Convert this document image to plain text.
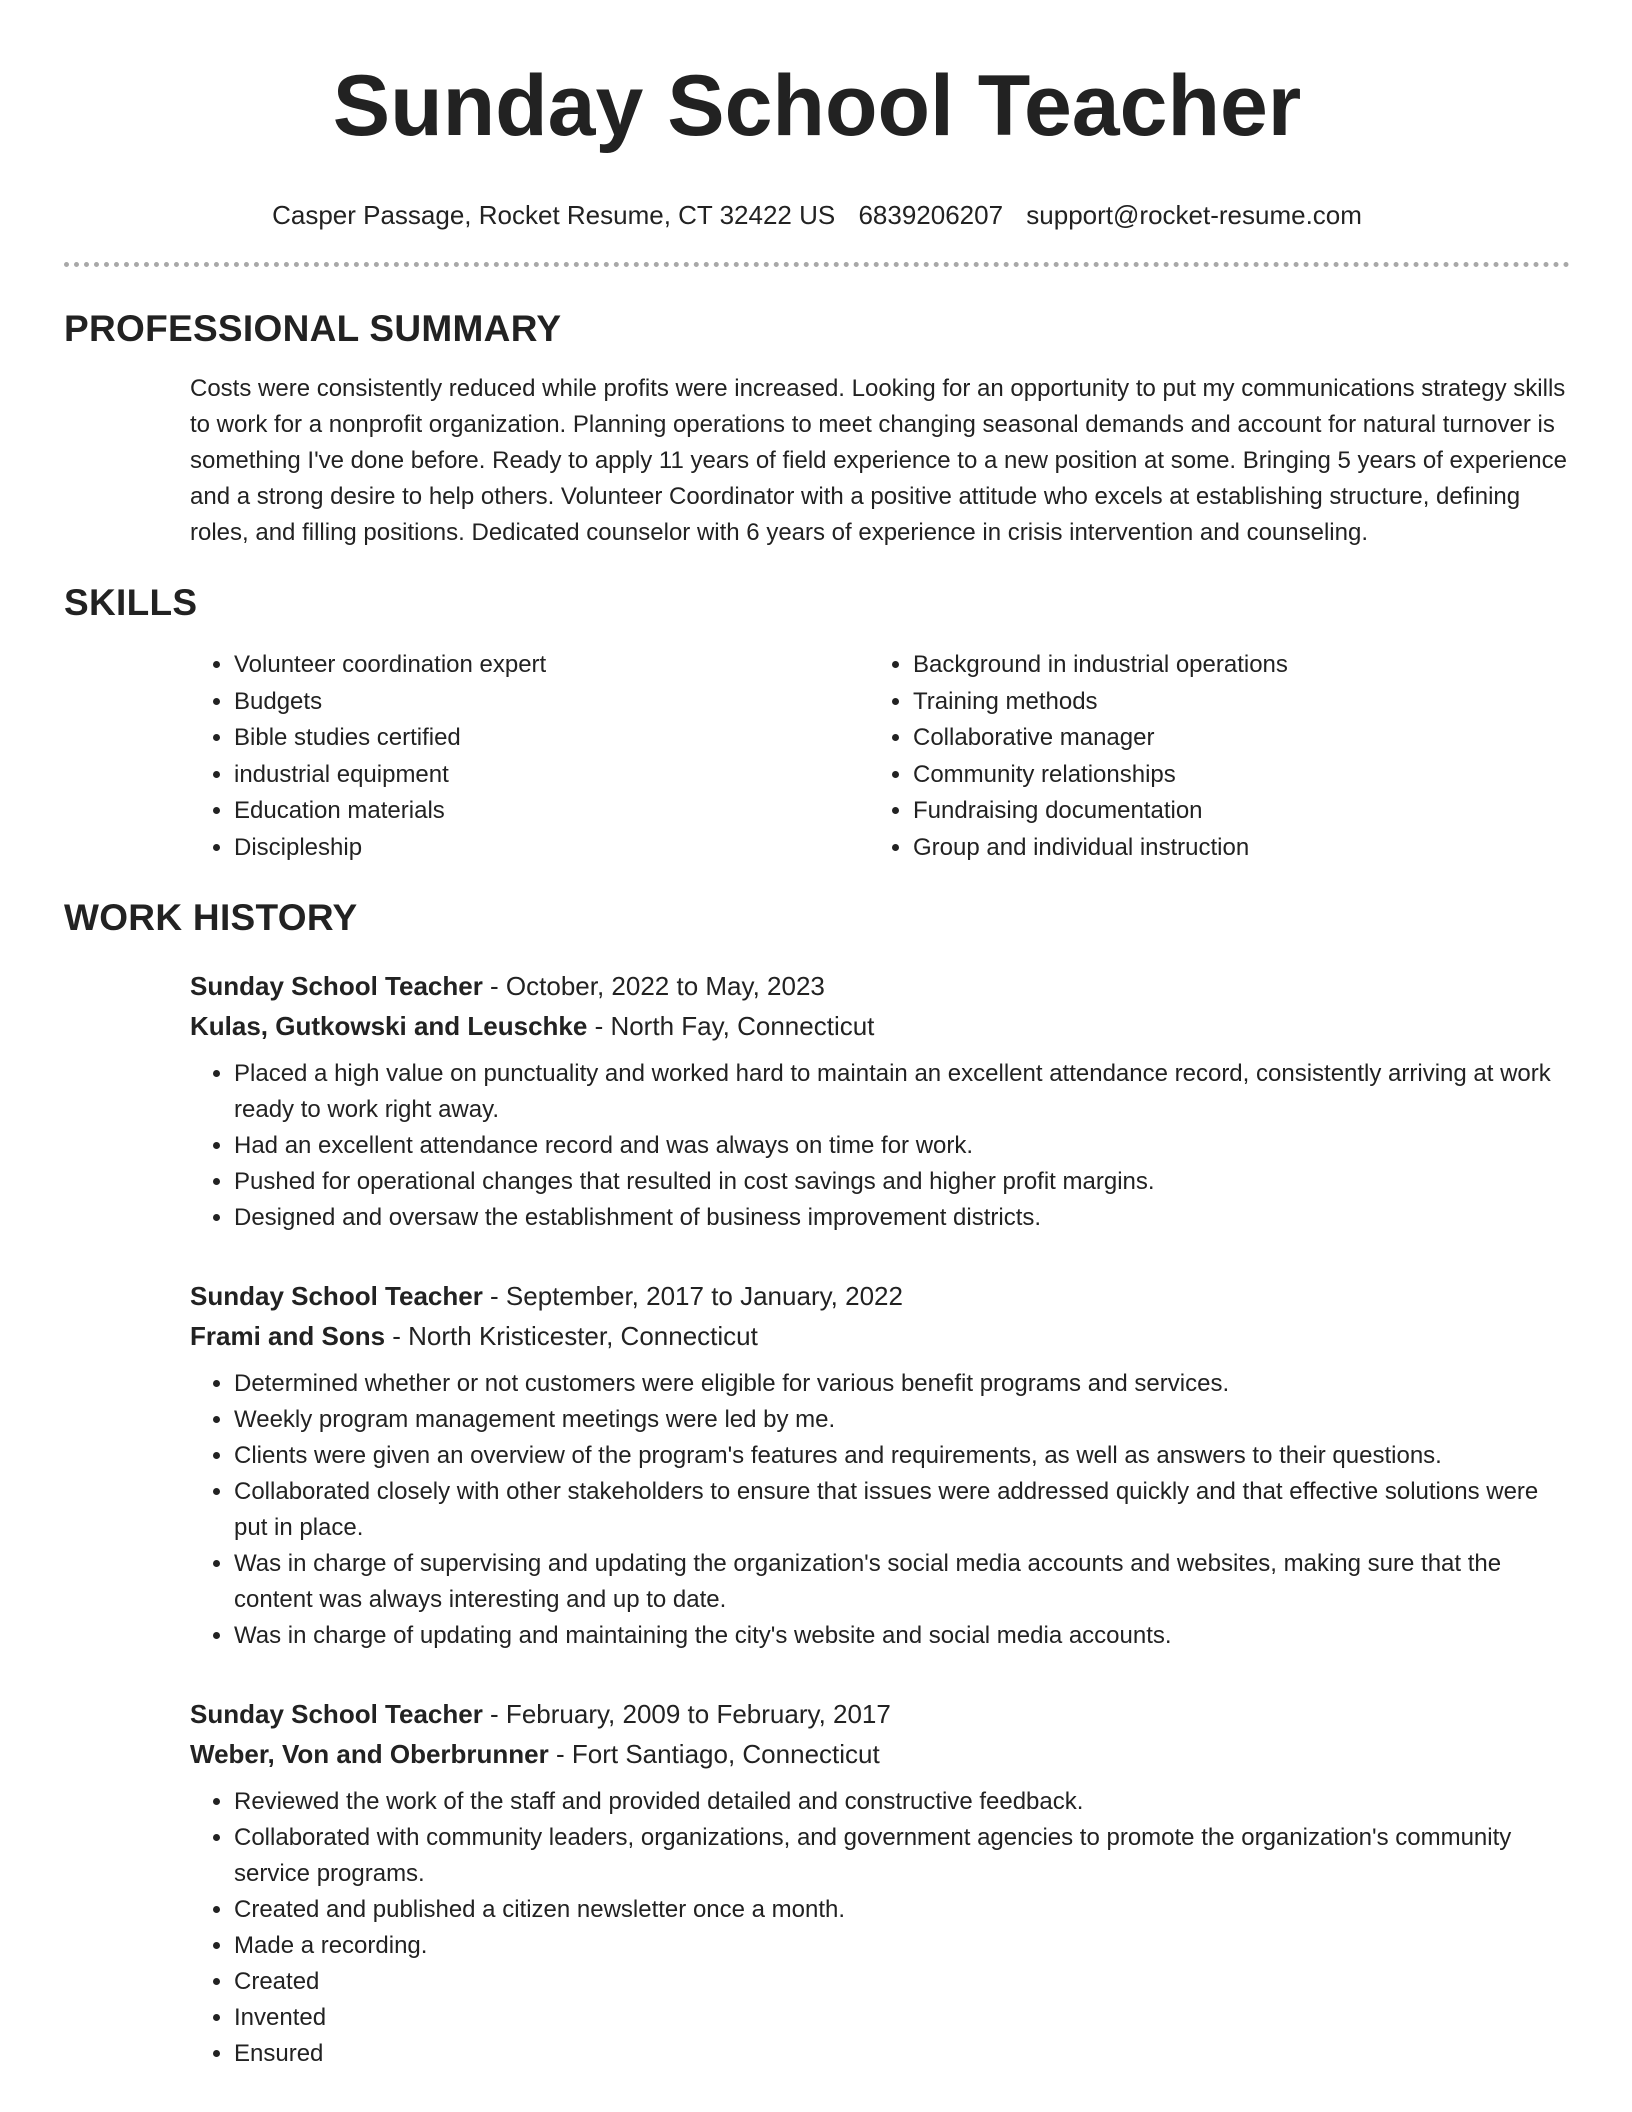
Sunday School Teacher
Casper Passage, Rocket Resume, CT 32422 US 6839206207 support@rocket-resume.com
PROFESSIONAL SUMMARY

Costs were consistently reduced while profits were increased. Looking for an opportunity to put my communications strategy skills to work for a nonprofit organization. Planning operations to meet changing seasonal demands and account for natural turnover is something I've done before. Ready to apply 11 years of field experience to a new position at some. Bringing 5 years of experience and a strong desire to help others. Volunteer Coordinator with a positive attitude who excels at establishing structure, defining roles, and filling positions. Dedicated counselor with 6 years of experience in crisis intervention and counseling.

SKILLS
• Volunteer coordination expert
• Budgets
• Bible studies certified
• industrial equipment
• Education materials
• Discipleship
• Background in industrial operations
• Training methods
• Collaborative manager
• Community relationships
• Fundraising documentation
• Group and individual instruction
WORK HISTORY
Sunday School Teacher - October, 2022 to May, 2023
Kulas, Gutkowski and Leuschke - North Fay, Connecticut
• Placed a high value on punctuality and worked hard to maintain an excellent attendance record, consistently arriving at work ready to work right away.
• Had an excellent attendance record and was always on time for work.
• Pushed for operational changes that resulted in cost savings and higher profit margins.
• Designed and oversaw the establishment of business improvement districts.
Sunday School Teacher - September, 2017 to January, 2022
Frami and Sons - North Kristicester, Connecticut
• Determined whether or not customers were eligible for various benefit programs and services.
• Weekly program management meetings were led by me.
• Clients were given an overview of the program's features and requirements, as well as answers to their questions.
• Collaborated closely with other stakeholders to ensure that issues were addressed quickly and that effective solutions were put in place.
• Was in charge of supervising and updating the organization's social media accounts and websites, making sure that the content was always interesting and up to date.
• Was in charge of updating and maintaining the city's website and social media accounts.
Sunday School Teacher - February, 2009 to February, 2017
Weber, Von and Oberbrunner - Fort Santiago, Connecticut
• Reviewed the work of the staff and provided detailed and constructive feedback.
• Collaborated with community leaders, organizations, and government agencies to promote the organization's community service programs.
• Created and published a citizen newsletter once a month.
• Made a recording.
• Created
• Invented
• Ensured
